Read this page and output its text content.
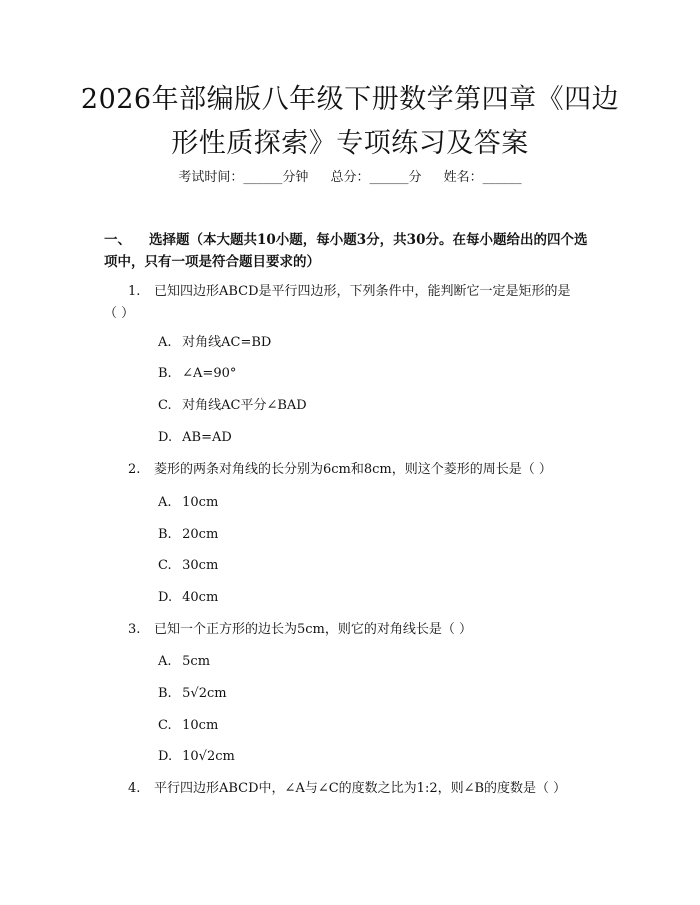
2026年部编版八年级下册数学第四章《四边
形性质探索》专项练习及答案
考试时间：______分钟 总分：______分 姓名：______
一、 选择题（本大题共10小题，每小题3分，共30分。在每小题给出的四个选
项中，只有一项是符合题目要求的）
1. 已知四边形ABCD是平行四边形，下列条件中，能判断它一定是矩形的是
（ ）
A. 对角线AC=BD
B. ∠A=90°
C. 对角线AC平分∠BAD
D. AB=AD
2. 菱形的两条对角线的长分别为6cm和8cm，则这个菱形的周长是（ ）
A. 10cm
B. 20cm
C. 30cm
D. 40cm
3. 已知一个正方形的边长为5cm，则它的对角线长是（ ）
A. 5cm
B. 5√2cm
C. 10cm
D. 10√2cm
4. 平行四边形ABCD中，∠A与∠C的度数之比为1:2，则∠B的度数是（ ）
